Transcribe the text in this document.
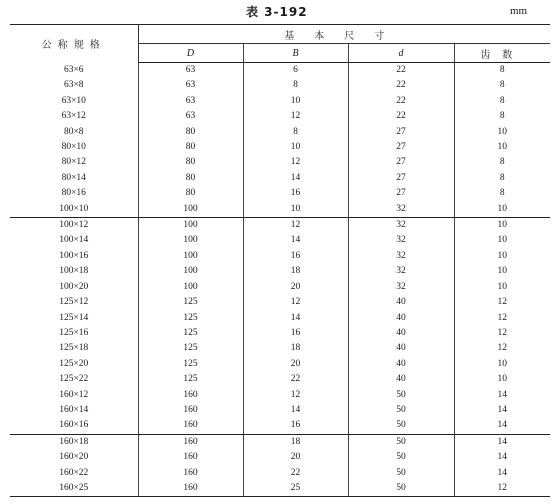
表 3-192	mm
公称规格	基本尺寸			
	D	B	d	齿数
63×6	63	6	22	8
63×8	63	8	22	8
63×10	63	10	22	8
63×12	63	12	22	8
80×8	80	8	27	10
80×10	80	10	27	10
80×12	80	12	27	8
80×14	80	14	27	8
80×16	80	16	27	8
100×10	100	10	32	10
100×12	100	12	32	10
100×14	100	14	32	10
100×16	100	16	32	10
100×18	100	18	32	10
100×20	100	20	32	10
125×12	125	12	40	12
125×14	125	14	40	12
125×16	125	16	40	12
125×18	125	18	40	12
125×20	125	20	40	10
125×22	125	22	40	10
160×12	160	12	50	14
160×14	160	14	50	14
160×16	160	16	50	14
160×18	160	18	50	14
160×20	160	20	50	14
160×22	160	22	50	14
160×25	160	25	50	12
